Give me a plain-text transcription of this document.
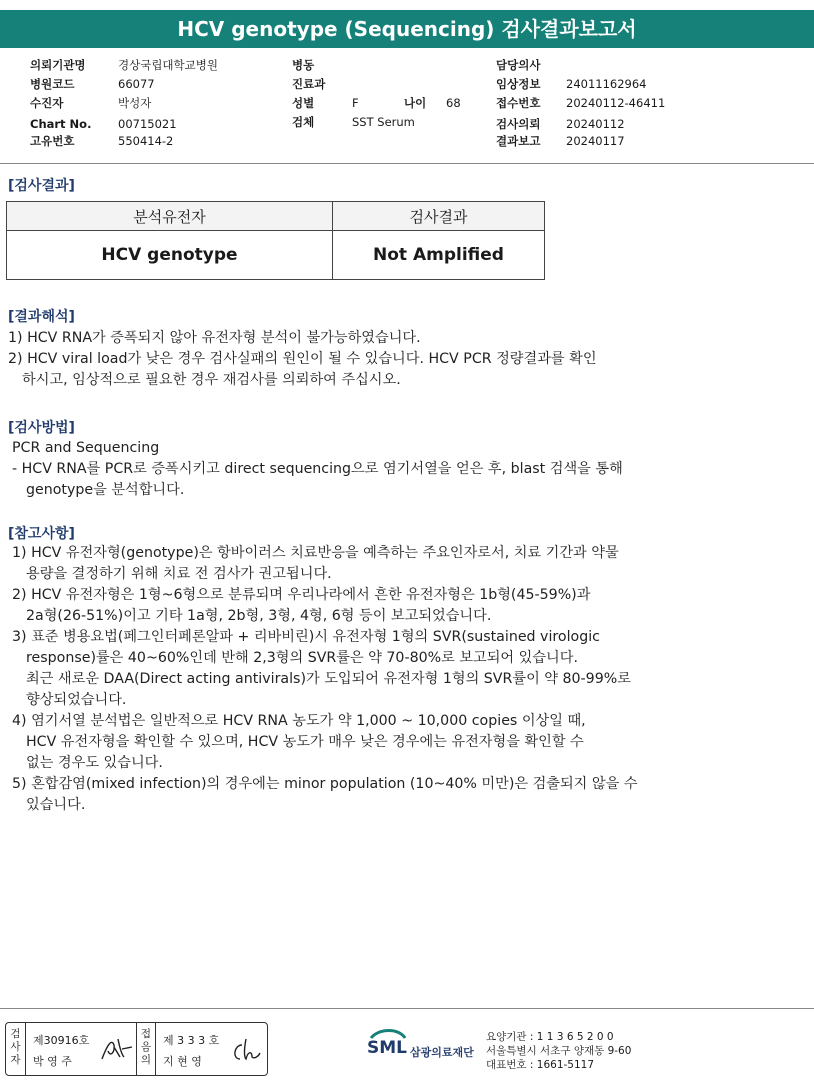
HCV genotype (Sequencing) 검사결과보고서
의뢰기관명	경상국립대학교병원
병원코드	66077
수진자	박성자
Chart No. 00715021
고유번호	550414-2
병동
진료과
성별	F	나이 68
검체	SST Serum
담당의사
임상정보 24011162964
접수번호 20240112-46411
검사의뢰 20240112
결과보고 20240117
[검사결과]
분석유전자	검사결과
HCV genotype	Not Amplified
[결과해석]
1) HCV RNA가 증폭되지 않아 유전자형 분석이 불가능하였습니다.
2) HCV viral load가 낮은 경우 검사실패의 원인이 될 수 있습니다. HCV PCR 정량결과를 확인
하시고, 임상적으로 필요한 경우 재검사를 의뢰하여 주십시오.
[검사방법]
PCR and Sequencing
- HCV RNA를 PCR로 증폭시키고 direct sequencing으로 염기서열을 얻은 후, blast 검색을 통해
genotype을 분석합니다.
[참고사항]
1) HCV 유전자형(genotype)은 항바이러스 치료반응을 예측하는 주요인자로서, 치료 기간과 약물
용량을 결정하기 위해 치료 전 검사가 권고됩니다.
2) HCV 유전자형은 1형~6형으로 분류되며 우리나라에서 흔한 유전자형은 1b형(45-59%)과
2a형(26-51%)이고 기타 1a형, 2b형, 3형, 4형, 6형 등이 보고되었습니다.
3) 표준 병용요법(페그인터페론알파 + 리바비린)시 유전자형 1형의 SVR(sustained virologic
response)률은 40~60%인데 반해 2,3형의 SVR률은 약 70-80%로 보고되어 있습니다.
최근 새로운 DAA(Direct acting antivirals)가 도입되어 유전자형 1형의 SVR률이 약 80-99%로
향상되었습니다.
4) 염기서열 분석법은 일반적으로 HCV RNA 농도가 약 1,000 ~ 10,000 copies 이상일 때,
HCV 유전자형을 확인할 수 있으며, HCV 농도가 매우 낮은 경우에는 유전자형을 확인할 수
없는 경우도 있습니다.
5) 혼합감염(mixed infection)의 경우에는 minor population (10~40% 미만)은 검출되지 않을 수
있습니다.
검사자
제30916호
박 영 주
접음의
제 3 3 3 호
지 현 영
SML 삼광의료재단
요양기관 : 1 1 3 6 5 2 0 0
서울특별시 서초구 양재동 9-60
대표번호 : 1661-5117
